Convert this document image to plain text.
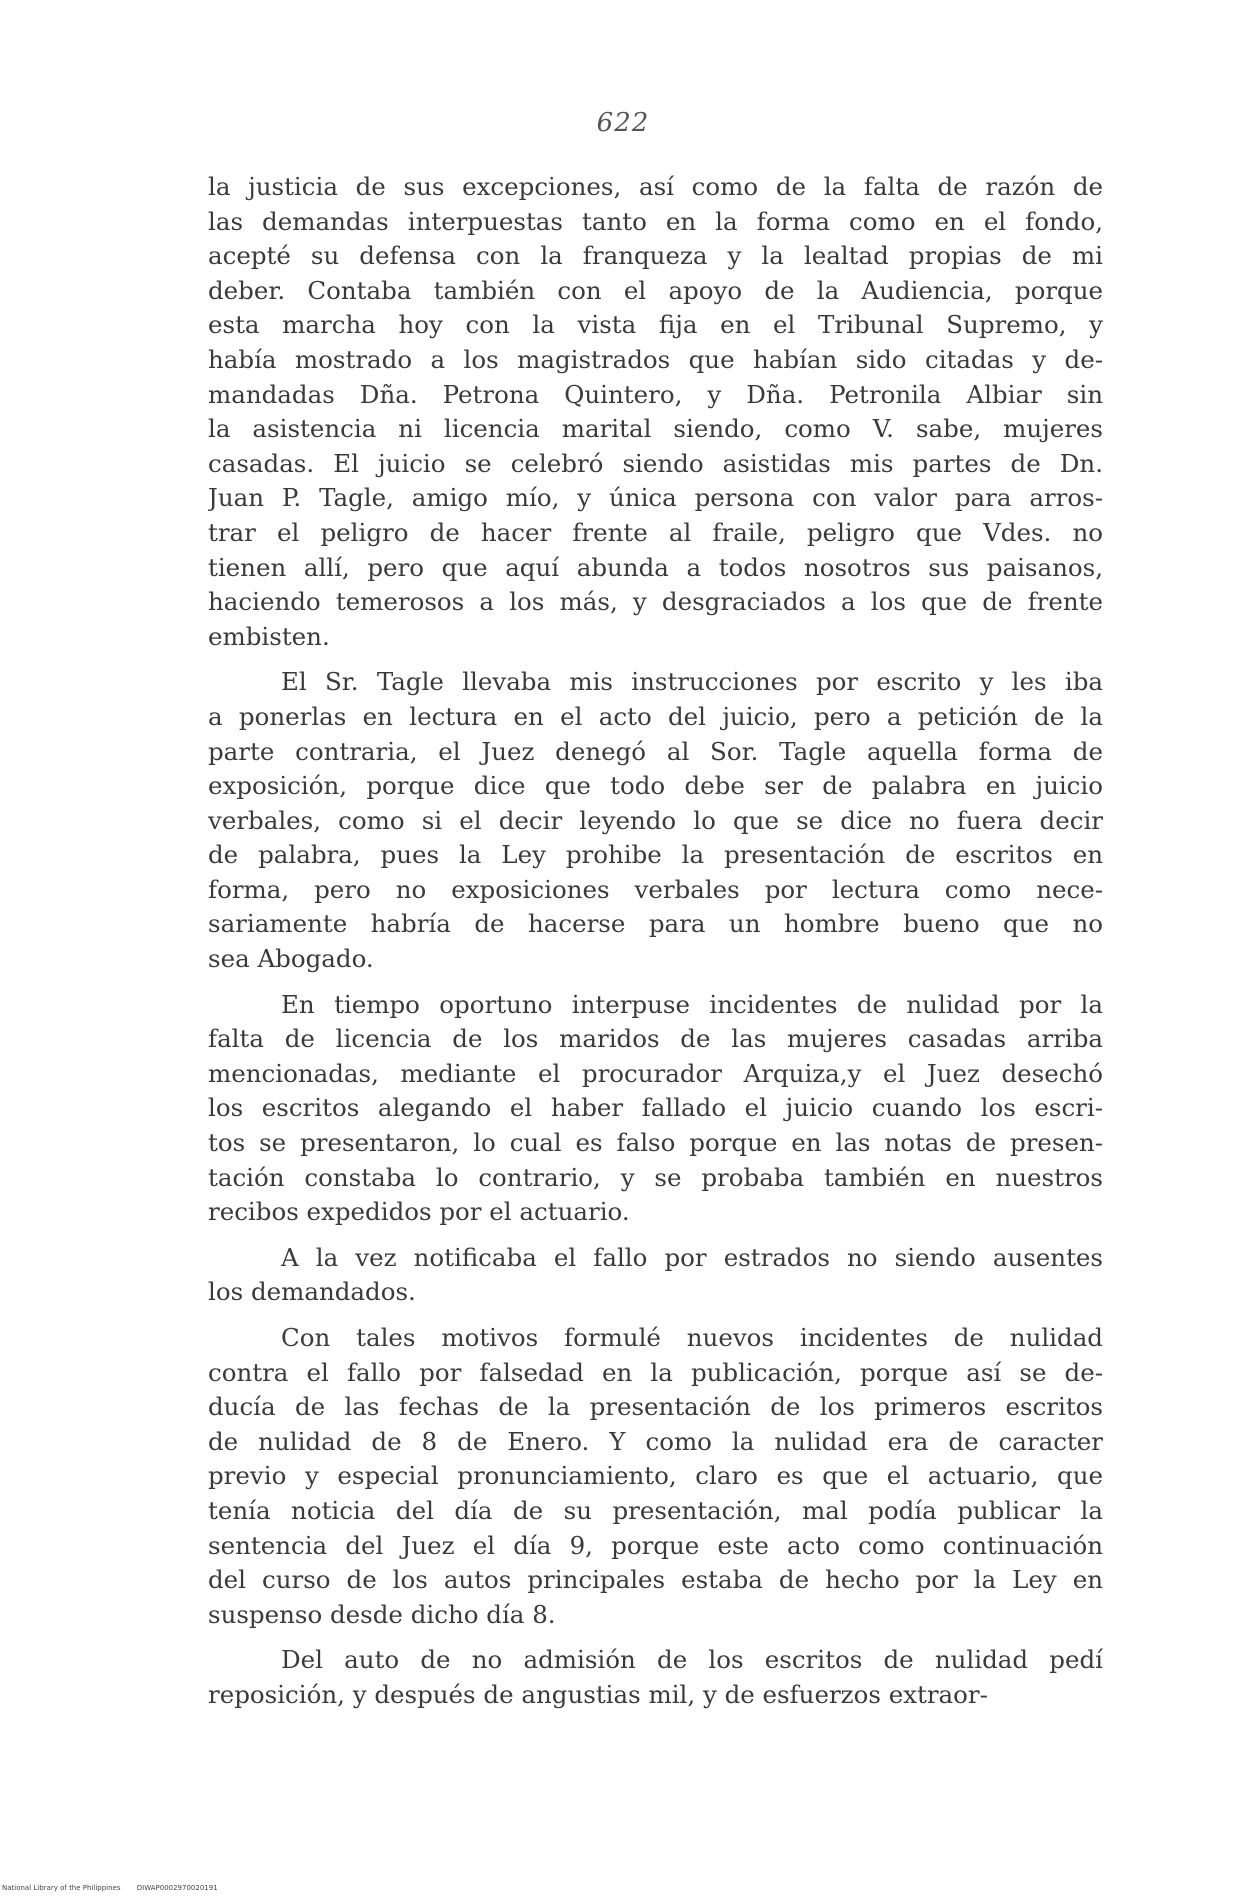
622
la justicia de sus excepciones, así como de la falta de razón de
las demandas interpuestas tanto en la forma como en el fondo,
acepté su defensa con la franqueza y la lealtad propias de mi
deber. Contaba también con el apoyo de la Audiencia, porque
esta marcha hoy con la vista fija en el Tribunal Supremo, y
había mostrado a los magistrados que habían sido citadas y de-
mandadas Dña. Petrona Quintero, y Dña. Petronila Albiar sin
la asistencia ni licencia marital siendo, como V. sabe, mujeres
casadas. El juicio se celebró siendo asistidas mis partes de Dn.
Juan P. Tagle, amigo mío, y única persona con valor para arros-
trar el peligro de hacer frente al fraile, peligro que Vdes. no
tienen allí, pero que aquí abunda a todos nosotros sus paisanos,
haciendo temerosos a los más, y desgraciados a los que de frente
embisten.
El Sr. Tagle llevaba mis instrucciones por escrito y les iba
a ponerlas en lectura en el acto del juicio, pero a petición de la
parte contraria, el Juez denegó al Sor. Tagle aquella forma de
exposición, porque dice que todo debe ser de palabra en juicio
verbales, como si el decir leyendo lo que se dice no fuera decir
de palabra, pues la Ley prohibe la presentación de escritos en
forma, pero no exposiciones verbales por lectura como nece-
sariamente habría de hacerse para un hombre bueno que no
sea Abogado.
En tiempo oportuno interpuse incidentes de nulidad por la
falta de licencia de los maridos de las mujeres casadas arriba
mencionadas, mediante el procurador Arquiza,y el Juez desechó
los escritos alegando el haber fallado el juicio cuando los escri-
tos se presentaron, lo cual es falso porque en las notas de presen-
tación constaba lo contrario, y se probaba también en nuestros
recibos expedidos por el actuario.
A la vez notificaba el fallo por estrados no siendo ausentes
los demandados.
Con tales motivos formulé nuevos incidentes de nulidad
contra el fallo por falsedad en la publicación, porque así se de-
ducía de las fechas de la presentación de los primeros escritos
de nulidad de 8 de Enero. Y como la nulidad era de caracter
previo y especial pronunciamiento, claro es que el actuario, que
tenía noticia del día de su presentación, mal podía publicar la
sentencia del Juez el día 9, porque este acto como continuación
del curso de los autos principales estaba de hecho por la Ley en
suspenso desde dicho día 8.
Del auto de no admisión de los escritos de nulidad pedí
reposición, y después de angustias mil, y de esfuerzos extraor-
National Library of the Philippines DIWAP0002970020191
